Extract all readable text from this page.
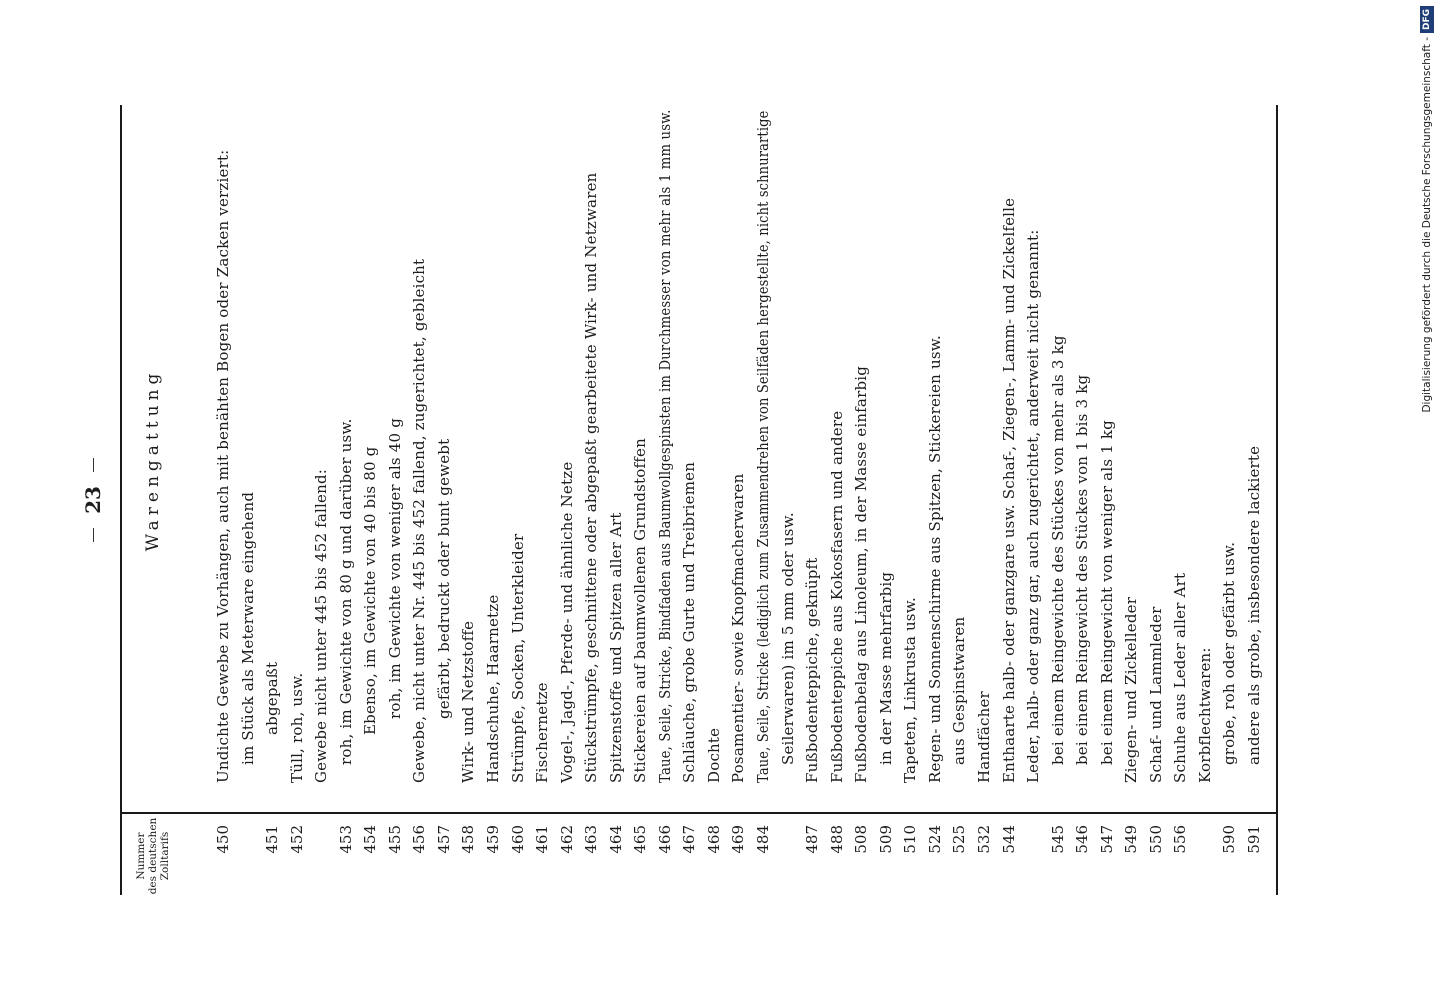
23
Nummer des deutschen Zolltarifs
Warengattung
450
Undichte Gewebe zu Vorhängen, auch mit benähten Bogen oder Zacken verziert: im Stück als Meterware eingehend
451
abgepaßt
452
Tüll, roh, usw. Gewebe nicht unter 445 bis 452 fallend:
453
roh, im Gewichte von 80 g und darüber usw.
454
Ebenso, im Gewichte von 40 bis 80 g
455
roh, im Gewichte von weniger als 40 g
456
Gewebe, nicht unter Nr. 445 bis 452 fallend, zugerichtet, gebleicht
457
gefärbt, bedruckt oder bunt gewebt
458
Wirk- und Netzstoffe
459
Handschuhe, Haarnetze
460
Strümpfe, Socken, Unterkleider
461
Fischernetze
462
Vogel-, Jagd-, Pferde- und ähnliche Netze
463
Stückstrümpfe, geschnittene oder abgepaßt gearbeitete Wirk- und Netzwaren
464
Spitzenstoffe und Spitzen aller Art
465
Stickereien auf baumwollenen Grundstoffen
466
Taue, Seile, Stricke, Bindfaden aus Baumwollgespinsten im Durchmesser von mehr als 1 mm usw.
467
Schläuche, grobe Gurte und Treibriemen
468
Dochte
469
Posamentier- sowie Knopfmacherwaren
484
Taue, Seile, Stricke (lediglich zum Zusammendrehen von Seilfäden hergestellte, nicht schnurartige Seilerwaren) im 5 mm oder usw.
487
Fußbodenteppiche, geknüpft
488
Fußbodenteppiche aus Kokosfasern und andere
508
Fußbodenbelag aus Linoleum, in der Masse einfarbig
509
in der Masse mehrfarbig
510
Tapeten, Linkrusta usw.
524
Regen- und Sonnenschirme aus Spitzen, Stickereien usw.
525
aus Gespinstwaren
532
Handfächer
544
Enthaarte halb- oder ganzgare usw. Schaf-, Ziegen-, Lamm- und Zickelfelle Leder, halb- oder ganz gar, auch zugerichtet, anderweit nicht genannt:
545
bei einem Reingewichte des Stückes von mehr als 3 kg
546
bei einem Reingewicht des Stückes von 1 bis 3 kg
547
bei einem Reingewicht von weniger als 1 kg
549
Ziegen- und Zickelleder
550
Schaf- und Lammleder
556
Schuhe aus Leder aller Art Korbflechtwaren:
590
grobe, roh oder gefärbt usw.
591
andere als grobe, insbesondere lackierte
Digitalisierung gefördert durch die Deutsche Forschungsgemeinschaft -
DFG
